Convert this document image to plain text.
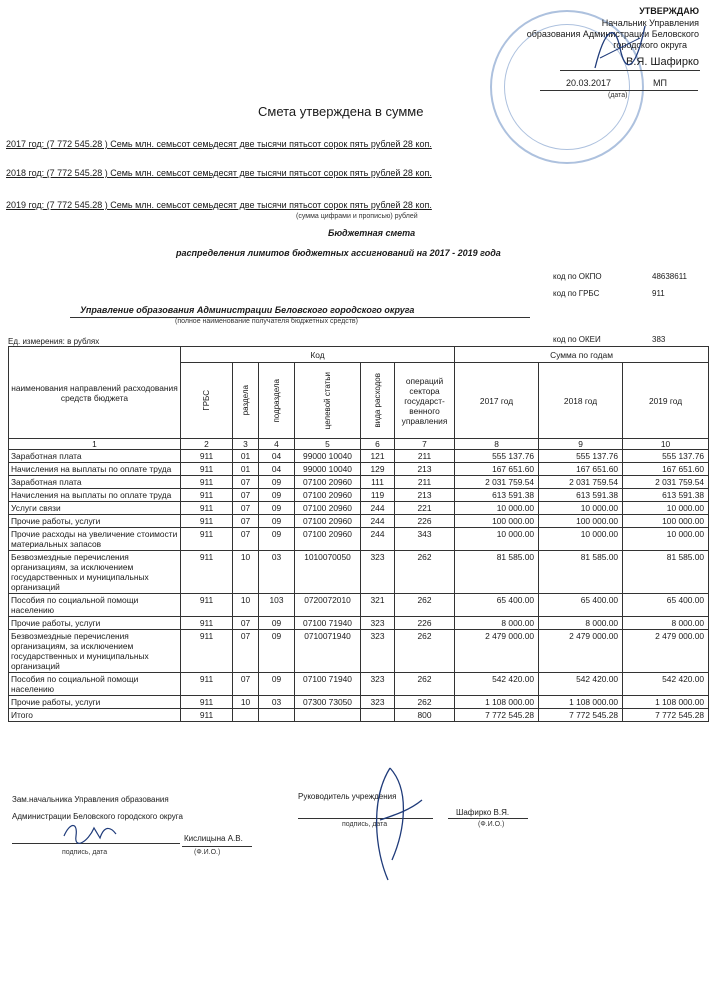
УТВЕРЖДАЮ
Начальник Управления
образования Администрации Беловского
городского округа
В.Я. Шафирко
20.03.2017	МП
(дата)
Смета утверждена в сумме
2017 год: (7 772 545.28 ) Семь млн. семьсот семьдесят две тысячи пятьсот сорок пять рублей 28 коп.
2018 год: (7 772 545.28 ) Семь млн. семьсот семьдесят две тысячи пятьсот сорок пять рублей 28 коп.
2019 год: (7 772 545.28 ) Семь млн. семьсот семьдесят две тысячи пятьсот сорок пять рублей 28 коп.
(сумма цифрами и прописью) рублей
Бюджетная смета
распределения лимитов бюджетных ассигнований на 2017 - 2019 года
код по ОКПО	48638611
код по ГРБС	911
Управление образования Администрации Беловского городского округа
(полное наименование получателя бюджетных средств)
Ед. измерения: в рублях	код по ОКЕИ	383
наименования направлений расходования средств бюджета	Код						Сумма по годам		

	ГРБС	раздела	подраздела	целевой статьи	вида расходов	операций сектора государст-венного управления	2017 год	2018 год	2019 год
1	2	3	4	5	6	7	8	9	10
Заработная плата	911	01	04	99000 10040	121	211	555 137.76	555 137.76	555 137.76
Начисления на выплаты по оплате труда	911	01	04	99000 10040	129	213	167 651.60	167 651.60	167 651.60
Заработная плата	911	07	09	07100 20960	111	211	2 031 759.54	2 031 759.54	2 031 759.54
Начисления на выплаты по оплате труда	911	07	09	07100 20960	119	213	613 591.38	613 591.38	613 591.38
Услуги связи	911	07	09	07100 20960	244	221	10 000.00	10 000.00	10 000.00
Прочие работы, услуги	911	07	09	07100 20960	244	226	100 000.00	100 000.00	100 000.00
Прочие расходы на увеличение стоимости материальных запасов	911	07	09	07100 20960	244	343	10 000.00	10 000.00	10 000.00
Безвозмездные перечисления организациям, за исключением государственных и муниципальных организаций	911	10	03	1010070050	323	262	81 585.00	81 585.00	81 585.00
Пособия по социальной помощи населению	911	10	103	0720072010	321	262	65 400.00	65 400.00	65 400.00
Прочие работы, услуги	911	07	09	07100 71940	323	226	8 000.00	8 000.00	8 000.00
Безвозмездные перечисления организациям, за исключением государственных и муниципальных организаций	911	07	09	0710071940	323	262	2 479 000.00	2 479 000.00	2 479 000.00
Пособия по социальной помощи населению	911	07	09	07100 71940	323	262	542 420.00	542 420.00	542 420.00
Прочие работы, услуги	911	10	03	07300 73050	323	262	1 108 000.00	1 108 000.00	1 108 000.00
Итого	911					800	7 772 545.28	7 772 545.28	7 772 545.28
Зам.начальника Управления образования
Администрации Беловского городского округа
Кислицына А.В.
подпись, дата	(Ф.И.О.)
Руководитель учреждения
подпись, дата
Шафирко В.Я.
(Ф.И.О.)
